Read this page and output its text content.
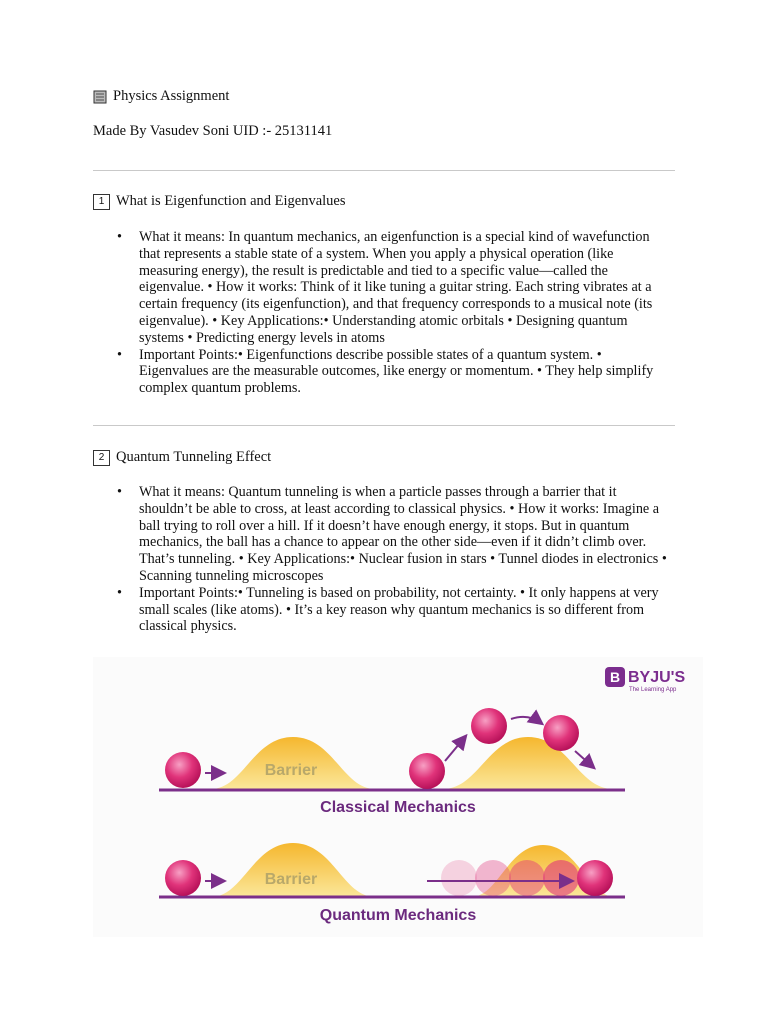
Physics Assignment
Made By Vasudev Soni UID :- 25131141
1 What is Eigenfunction and Eigenvalues
• What it means: In quantum mechanics, an eigenfunction is a special kind of wavefunction that represents a stable state of a system. When you apply a physical operation (like measuring energy), the result is predictable and tied to a specific value—called the eigenvalue. • How it works: Think of it like tuning a guitar string. Each string vibrates at a certain frequency (its eigenfunction), and that frequency corresponds to a musical note (its eigenvalue). • Key Applications:• Understanding atomic orbitals • Designing quantum systems • Predicting energy levels in atoms
• Important Points:• Eigenfunctions describe possible states of a quantum system. • Eigenvalues are the measurable outcomes, like energy or momentum. • They help simplify complex quantum problems.
2 Quantum Tunneling Effect
• What it means: Quantum tunneling is when a particle passes through a barrier that it shouldn’t be able to cross, at least according to classical physics. • How it works: Imagine a ball trying to roll over a hill. If it doesn’t have enough energy, it stops. But in quantum mechanics, the ball has a chance to appear on the other side—even if it didn’t climb over. That’s tunneling. • Key Applications:• Nuclear fusion in stars • Tunnel diodes in electronics • Scanning tunneling microscopes
• Important Points:• Tunneling is based on probability, not certainty. • It only happens at very small scales (like atoms). • It’s a key reason why quantum mechanics is so different from classical physics.
B BYJU'S
The Learning App
Barrier
Classical Mechanics
Barrier
Quantum Mechanics
